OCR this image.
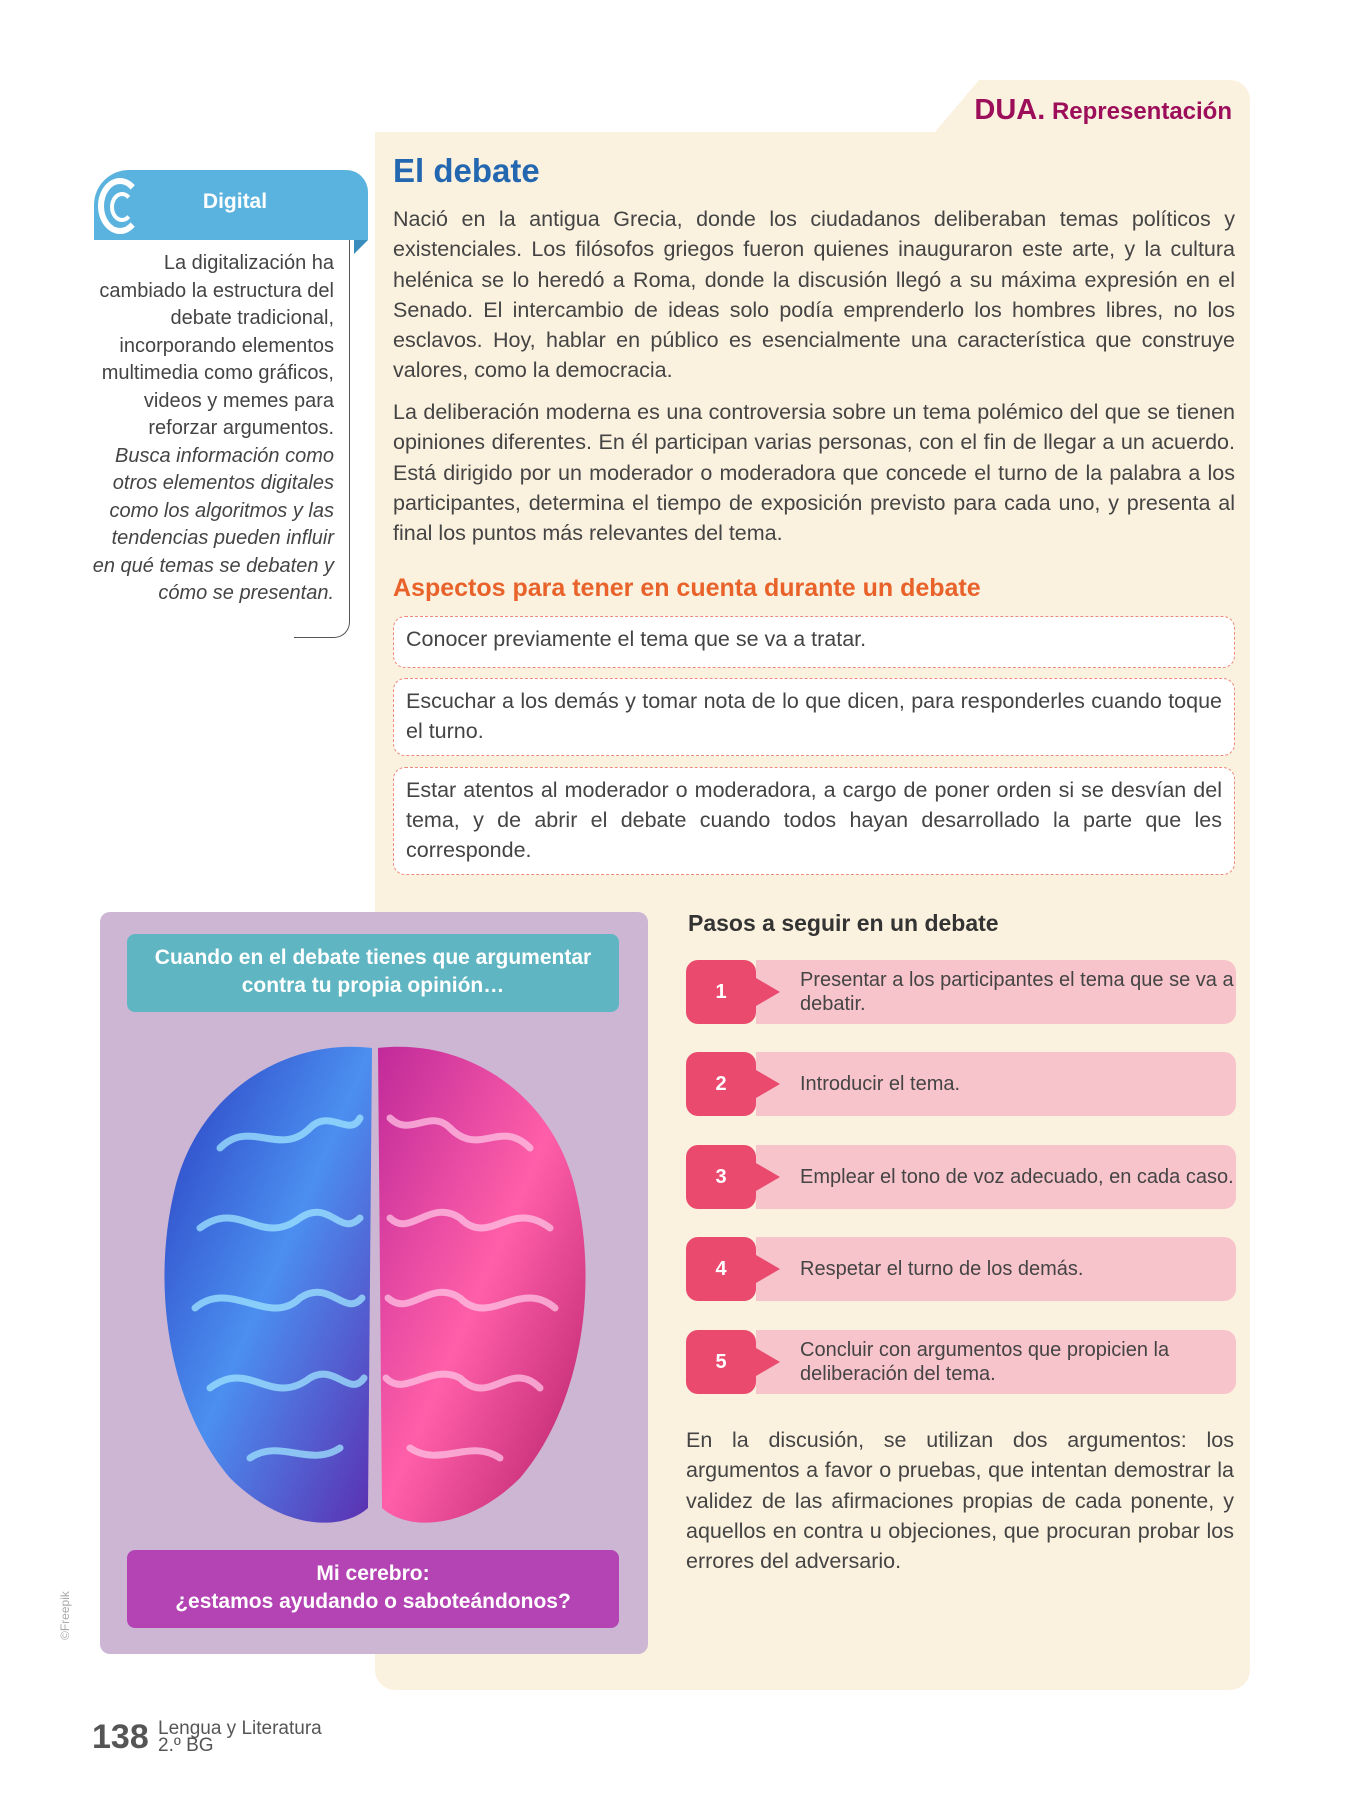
DUA. Representación
Digital

La digitalización ha cambiado la estructura del debate tradicional, incorporando elementos multimedia como gráficos, videos y memes para reforzar argumentos.

Busca información como otros elementos digitales como los algoritmos y las tendencias pueden influir en qué temas se debaten y cómo se presentan.

El debate

Nació en la antigua Grecia, donde los ciudadanos deliberaban temas políticos y existenciales. Los filósofos griegos fueron quienes inauguraron este arte, y la cultura helénica se lo heredó a Roma, donde la discusión llegó a su máxima expresión en el Senado. El intercambio de ideas solo podía emprenderlo los hombres libres, no los esclavos. Hoy, hablar en público es esencialmente una característica que construye valores, como la democracia.

La deliberación moderna es una controversia sobre un tema polémico del que se tienen opiniones diferentes. En él participan varias personas, con el fin de llegar a un acuerdo. Está dirigido por un moderador o moderadora que concede el turno de la palabra a los participantes, determina el tiempo de exposición previsto para cada uno, y presenta al final los puntos más relevantes del tema.

Aspectos para tener en cuenta durante un debate
Conocer previamente el tema que se va a tratar.
Escuchar a los demás y tomar nota de lo que dicen, para responderles cuando toque el turno.
Estar atentos al moderador o moderadora, a cargo de poner orden si se desvían del tema, y de abrir el debate cuando todos hayan desarrollado la parte que les corresponde.
Cuando en el debate tienes que argumentar contra tu propia opinión…
Mi cerebro:
¿estamos ayudando o saboteándonos?
©Freepik
Pasos a seguir en un debate
Presentar a los participantes el tema que se va a debatir.
1
Introducir el tema.
2
Emplear el tono de voz adecuado, en cada caso.
3
Respetar el turno de los demás.
4
Concluir con argumentos que propicien la deliberación del tema.
5

En la discusión, se utilizan dos argumentos: los argumentos a favor o pruebas, que intentan demostrar la validez de las afirmaciones propias de cada ponente, y aquellos en contra u objeciones, que procuran probar los errores del adversario.

138 Lengua y Literatura
2.º BG
